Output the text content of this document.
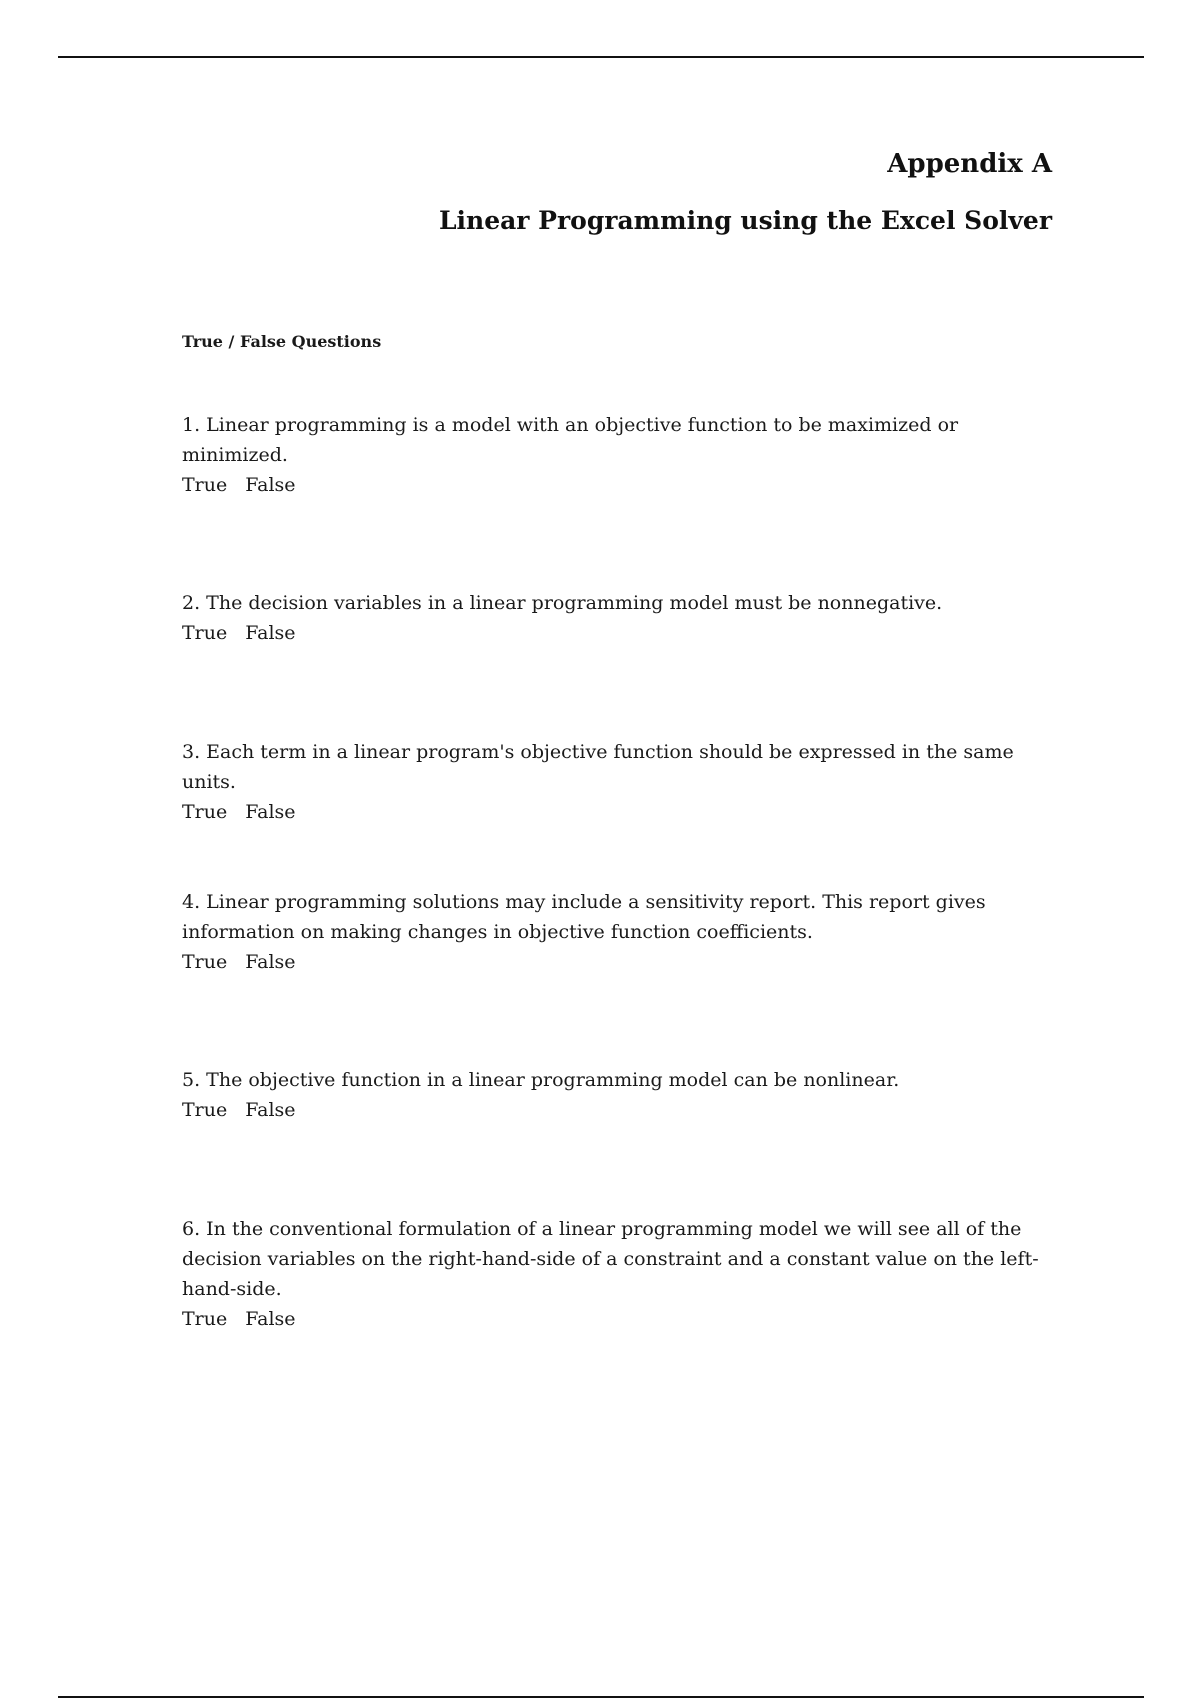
Appendix A
Linear Programming using the Excel Solver
True / False Questions
1. Linear programming is a model with an objective function to be maximized or minimized.
True False
2. The decision variables in a linear programming model must be nonnegative.
True False
3. Each term in a linear program's objective function should be expressed in the same units.
True False
4. Linear programming solutions may include a sensitivity report. This report gives information on making changes in objective function coefficients.
True False
5. The objective function in a linear programming model can be nonlinear.
True False
6. In the conventional formulation of a linear programming model we will see all of the decision variables on the right-hand-side of a constraint and a constant value on the left-hand-side.
True False
